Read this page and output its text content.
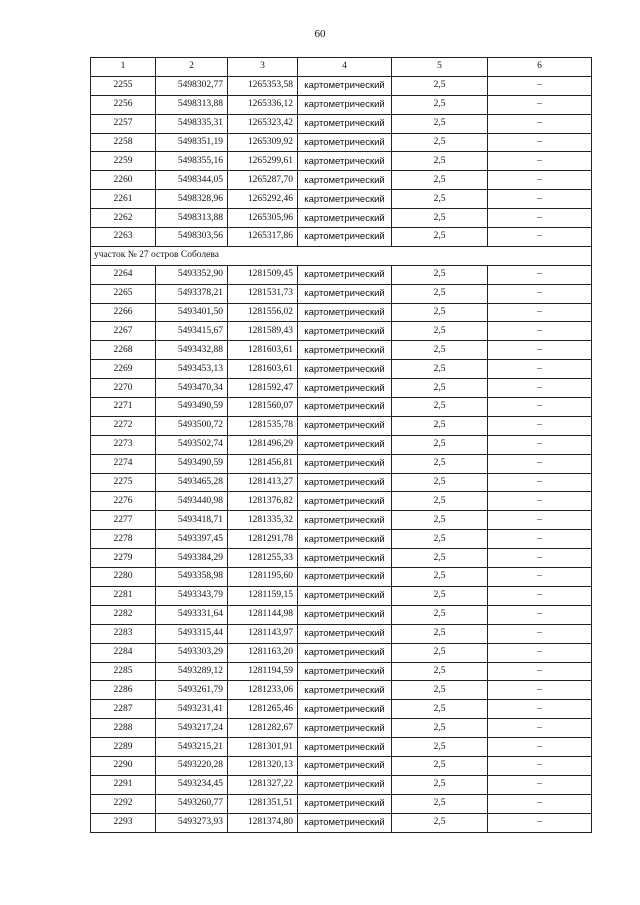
60
1	2	3	4	5	6
2255	5498302,77	1265353,58	картометрический	2,5	–
2256	5498313,88	1265336,12	картометрический	2,5	–
2257	5498335,31	1265323,42	картометрический	2,5	–
2258	5498351,19	1265309,92	картометрический	2,5	–
2259	5498355,16	1265299,61	картометрический	2,5	–
2260	5498344,05	1265287,70	картометрический	2,5	–
2261	5498328,96	1265292,46	картометрический	2,5	–
2262	5498313,88	1265305,96	картометрический	2,5	–
2263	5498303,56	1265317,86	картометрический	2,5	–
участок № 27 остров Соболева					
2264	5493352,90	1281509,45	картометрический	2,5	–
2265	5493378,21	1281531,73	картометрический	2,5	–
2266	5493401,50	1281556,02	картометрический	2,5	–
2267	5493415,67	1281589,43	картометрический	2,5	–
2268	5493432,88	1281603,61	картометрический	2,5	–
2269	5493453,13	1281603,61	картометрический	2,5	–
2270	5493470,34	1281592,47	картометрический	2,5	–
2271	5493490,59	1281560,07	картометрический	2,5	–
2272	5493500,72	1281535,78	картометрический	2,5	–
2273	5493502,74	1281496,29	картометрический	2,5	–
2274	5493490,59	1281456,81	картометрический	2,5	–
2275	5493465,28	1281413,27	картометрический	2,5	–
2276	5493440,98	1281376,82	картометрический	2,5	–
2277	5493418,71	1281335,32	картометрический	2,5	–
2278	5493397,45	1281291,78	картометрический	2,5	–
2279	5493384,29	1281255,33	картометрический	2,5	–
2280	5493358,98	1281195,60	картометрический	2,5	–
2281	5493343,79	1281159,15	картометрический	2,5	–
2282	5493331,64	1281144,98	картометрический	2,5	–
2283	5493315,44	1281143,97	картометрический	2,5	–
2284	5493303,29	1281163,20	картометрический	2,5	–
2285	5493289,12	1281194,59	картометрический	2,5	–
2286	5493261,79	1281233,06	картометрический	2,5	–
2287	5493231,41	1281265,46	картометрический	2,5	–
2288	5493217,24	1281282,67	картометрический	2,5	–
2289	5493215,21	1281301,91	картометрический	2,5	–
2290	5493220,28	1281320,13	картометрический	2,5	–
2291	5493234,45	1281327,22	картометрический	2,5	–
2292	5493260,77	1281351,51	картометрический	2,5	–
2293	5493273,93	1281374,80	картометрический	2,5	–
